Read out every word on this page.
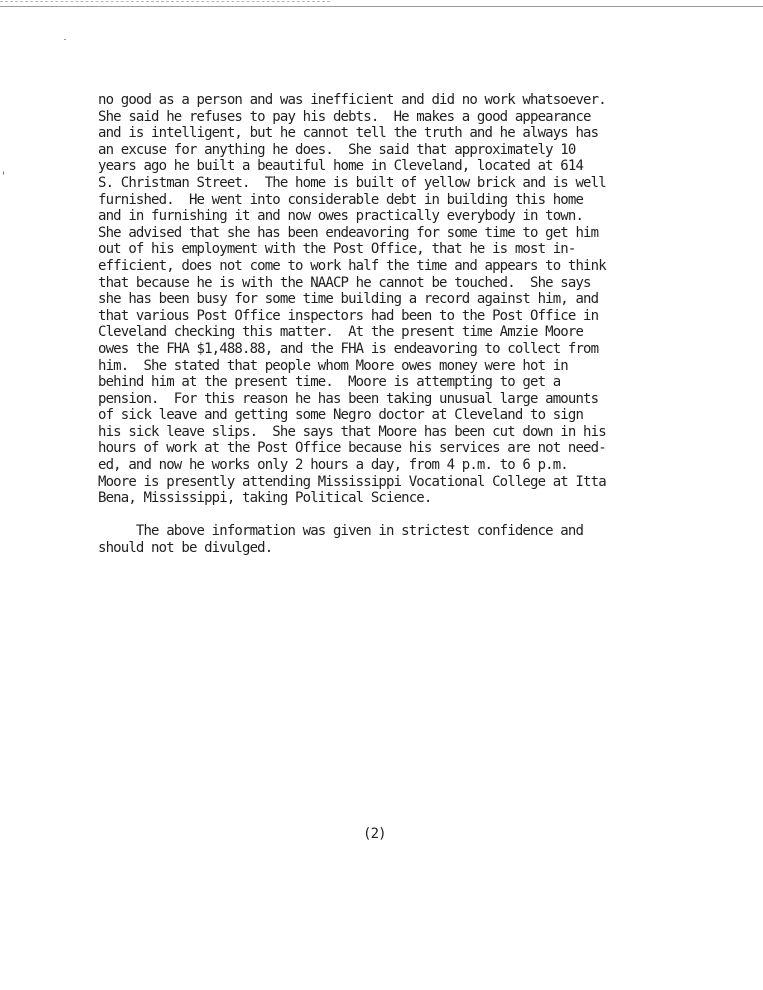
no good as a person and was inefficient and did no work whatsoever.
She said he refuses to pay his debts.  He makes a good appearance
and is intelligent, but he cannot tell the truth and he always has
an excuse for anything he does.  She said that approximately 10
years ago he built a beautiful home in Cleveland, located at 614
S. Christman Street.  The home is built of yellow brick and is well
furnished.  He went into considerable debt in building this home
and in furnishing it and now owes practically everybody in town.
She advised that she has been endeavoring for some time to get him
out of his employment with the Post Office, that he is most in-
efficient, does not come to work half the time and appears to think
that because he is with the NAACP he cannot be touched.  She says
she has been busy for some time building a record against him, and
that various Post Office inspectors had been to the Post Office in
Cleveland checking this matter.  At the present time Amzie Moore
owes the FHA $1,488.88, and the FHA is endeavoring to collect from
him.  She stated that people whom Moore owes money were hot in
behind him at the present time.  Moore is attempting to get a
pension.  For this reason he has been taking unusual large amounts
of sick leave and getting some Negro doctor at Cleveland to sign
his sick leave slips.  She says that Moore has been cut down in his
hours of work at the Post Office because his services are not need-
ed, and now he works only 2 hours a day, from 4 p.m. to 6 p.m.
Moore is presently attending Mississippi Vocational College at Itta
Bena, Mississippi, taking Political Science.
The above information was given in strictest confidence and
should not be divulged.
(2)
